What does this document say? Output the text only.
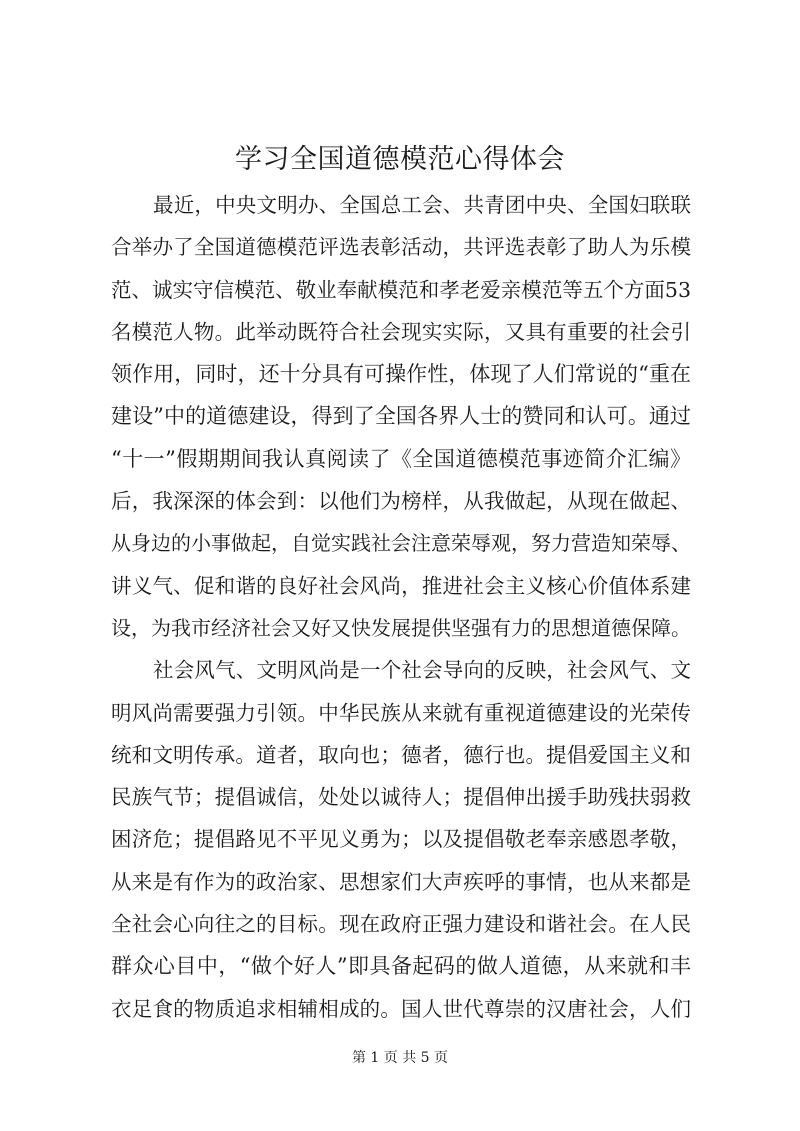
学习全国道德模范心得体会
最近，中央文明办、全国总工会、共青团中央、全国妇联联
合举办了全国道德模范评选表彰活动，共评选表彰了助人为乐模
范、诚实守信模范、敬业奉献模范和孝老爱亲模范等五个方面53
名模范人物。此举动既符合社会现实实际，又具有重要的社会引
领作用，同时，还十分具有可操作性，体现了人们常说的“重在
建设”中的道德建设，得到了全国各界人士的赞同和认可。通过
“十一”假期期间我认真阅读了《全国道德模范事迹简介汇编》
后，我深深的体会到：以他们为榜样，从我做起，从现在做起、
从身边的小事做起，自觉实践社会注意荣辱观，努力营造知荣辱、
讲义气、促和谐的良好社会风尚，推进社会主义核心价值体系建
设，为我市经济社会又好又快发展提供坚强有力的思想道德保障。
社会风气、文明风尚是一个社会导向的反映，社会风气、文
明风尚需要强力引领。中华民族从来就有重视道德建设的光荣传
统和文明传承。道者，取向也；德者，德行也。提倡爱国主义和
民族气节；提倡诚信，处处以诚待人；提倡伸出援手助残扶弱救
困济危；提倡路见不平见义勇为；以及提倡敬老奉亲感恩孝敬，
从来是有作为的政治家、思想家们大声疾呼的事情，也从来都是
全社会心向往之的目标。现在政府正强力建设和谐社会。在人民
群众心目中，“做个好人”即具备起码的做人道德，从来就和丰
衣足食的物质追求相辅相成的。国人世代尊崇的汉唐社会，人们
第 1 页 共 5 页
